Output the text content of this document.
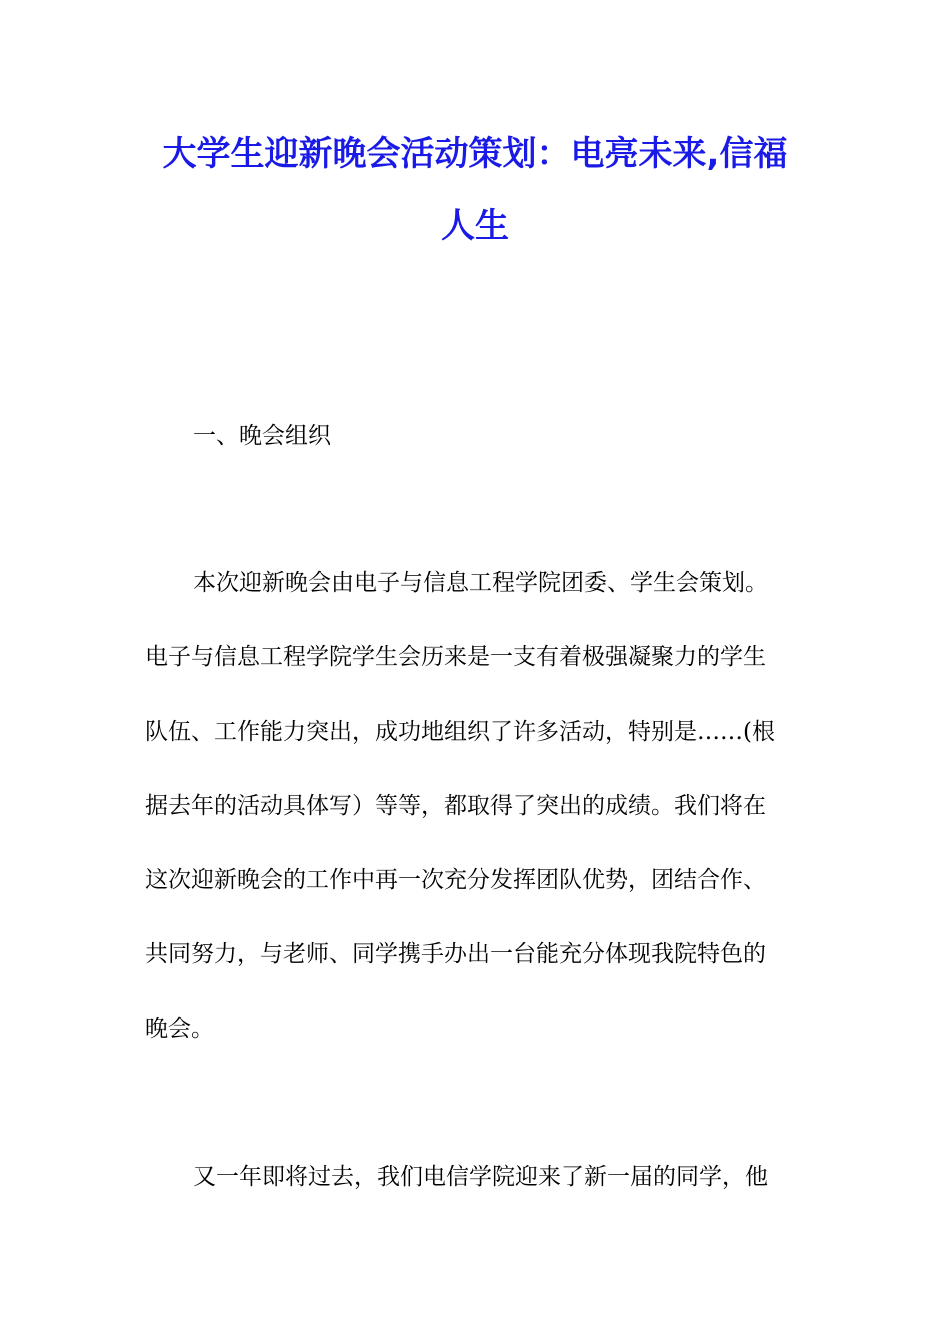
大学生迎新晚会活动策划：电亮未来,信福
人生

一、晚会组织

本次迎新晚会由电子与信息工程学院团委、学生会策划。

电子与信息工程学院学生会历来是一支有着极强凝聚力的学生

队伍、工作能力突出，成功地组织了许多活动，特别是……(根

据去年的活动具体写）等等，都取得了突出的成绩。我们将在

这次迎新晚会的工作中再一次充分发挥团队优势，团结合作、

共同努力，与老师、同学携手办出一台能充分体现我院特色的

晚会。

又一年即将过去，我们电信学院迎来了新一届的同学，他
